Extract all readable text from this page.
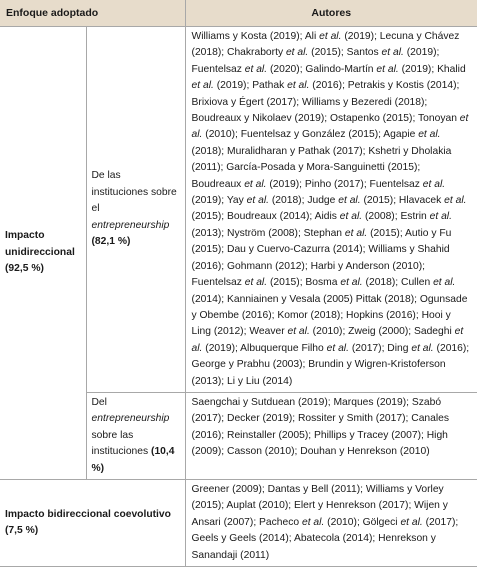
Enfoque adoptado		Autores
Impacto unidireccional
(92,5 %)	De las instituciones sobre el entrepreneurship (82,1 %)	Williams y Kosta (2019); Ali et al. (2019); Lecuna y Chávez (2018); Chakraborty et al. (2015); Santos et al. (2019); Fuentelsaz et al. (2020); Galindo-Martín et al. (2019); Khalid et al. (2019); Pathak et al. (2016); Petrakis y Kostis (2014); Brixiova y Égert (2017); Williams y Bezeredi (2018); Boudreaux y Nikolaev (2019); Ostapenko (2015); Tonoyan et al. (2010); Fuentelsaz y González (2015); Agapie et al. (2018); Muralidharan y Pathak (2017); Kshetri y Dholakia (2011); García-Posada y Mora-Sanguinetti (2015); Boudreaux et al. (2019); Pinho (2017); Fuentelsaz et al. (2019); Yay et al. (2018); Judge et al. (2015); Hlavacek et al. (2015); Boudreaux (2014); Aidis et al. (2008); Estrin et al. (2013); Nyström (2008); Stephan et al. (2015); Autio y Fu (2015); Dau y Cuervo-Cazurra (2014); Williams y Shahid (2016); Gohmann (2012); Harbi y Anderson (2010); Fuentelsaz et al. (2015); Bosma et al. (2018); Cullen et al. (2014); Kanniainen y Vesala (2005) Pittak (2018); Ogunsade y Obembe (2016); Komor (2018); Hopkins (2016); Hooi y Ling (2012); Weaver et al. (2010); Zweig (2000); Sadeghi et al. (2019); Albuquerque Filho et al. (2017); Ding et al. (2016); George y Prabhu (2003); Brundin y Wigren-Kristoferson (2013); Li y Liu (2014)
	Del entrepreneurship sobre las instituciones (10,4 %)	Saengchai y Sutduean (2019); Marques (2019); Szabó (2017); Decker (2019); Rossiter y Smith (2017); Canales (2016); Reinstaller (2005); Phillips y Tracey (2007); High (2009); Casson (2010); Douhan y Henrekson (2010)
Impacto bidireccional coevolutivo
(7,5 %)		Greener (2009); Dantas y Bell (2011); Williams y Vorley (2015); Auplat (2010); Elert y Henrekson (2017); Wijen y Ansari (2007); Pacheco et al. (2010); Gölgeci et al. (2017); Geels y Geels (2014); Abatecola (2014); Henrekson y Sanandaji (2011)
